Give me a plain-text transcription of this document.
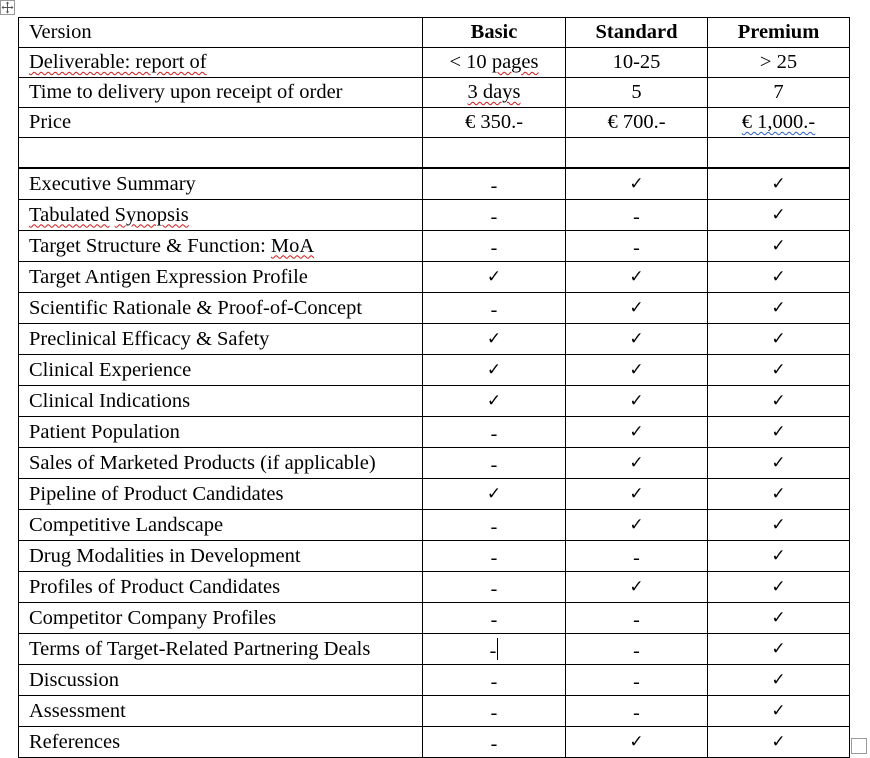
Version	Basic	Standard	Premium
Deliverable: report of	< 10 pages	10-25	> 25
Time to delivery upon receipt of order	3 days	5	7
Price	€ 350.-	€ 700.-	€ 1,000.-

Executive Summary	-	✓	✓
Tabulated Synopsis	-	-	✓
Target Structure & Function: MoA	-	-	✓
Target Antigen Expression Profile	✓	✓	✓
Scientific Rationale & Proof-of-Concept	-	✓	✓
Preclinical Efficacy & Safety	✓	✓	✓
Clinical Experience	✓	✓	✓
Clinical Indications	✓	✓	✓
Patient Population	-	✓	✓
Sales of Marketed Products (if applicable)	-	✓	✓
Pipeline of Product Candidates	✓	✓	✓
Competitive Landscape	-	✓	✓
Drug Modalities in Development	-	-	✓
Profiles of Product Candidates	-	✓	✓
Competitor Company Profiles	-	-	✓
Terms of Target-Related Partnering Deals	-	-	✓
Discussion	-	-	✓
Assessment	-	-	✓
References	-	✓	✓
